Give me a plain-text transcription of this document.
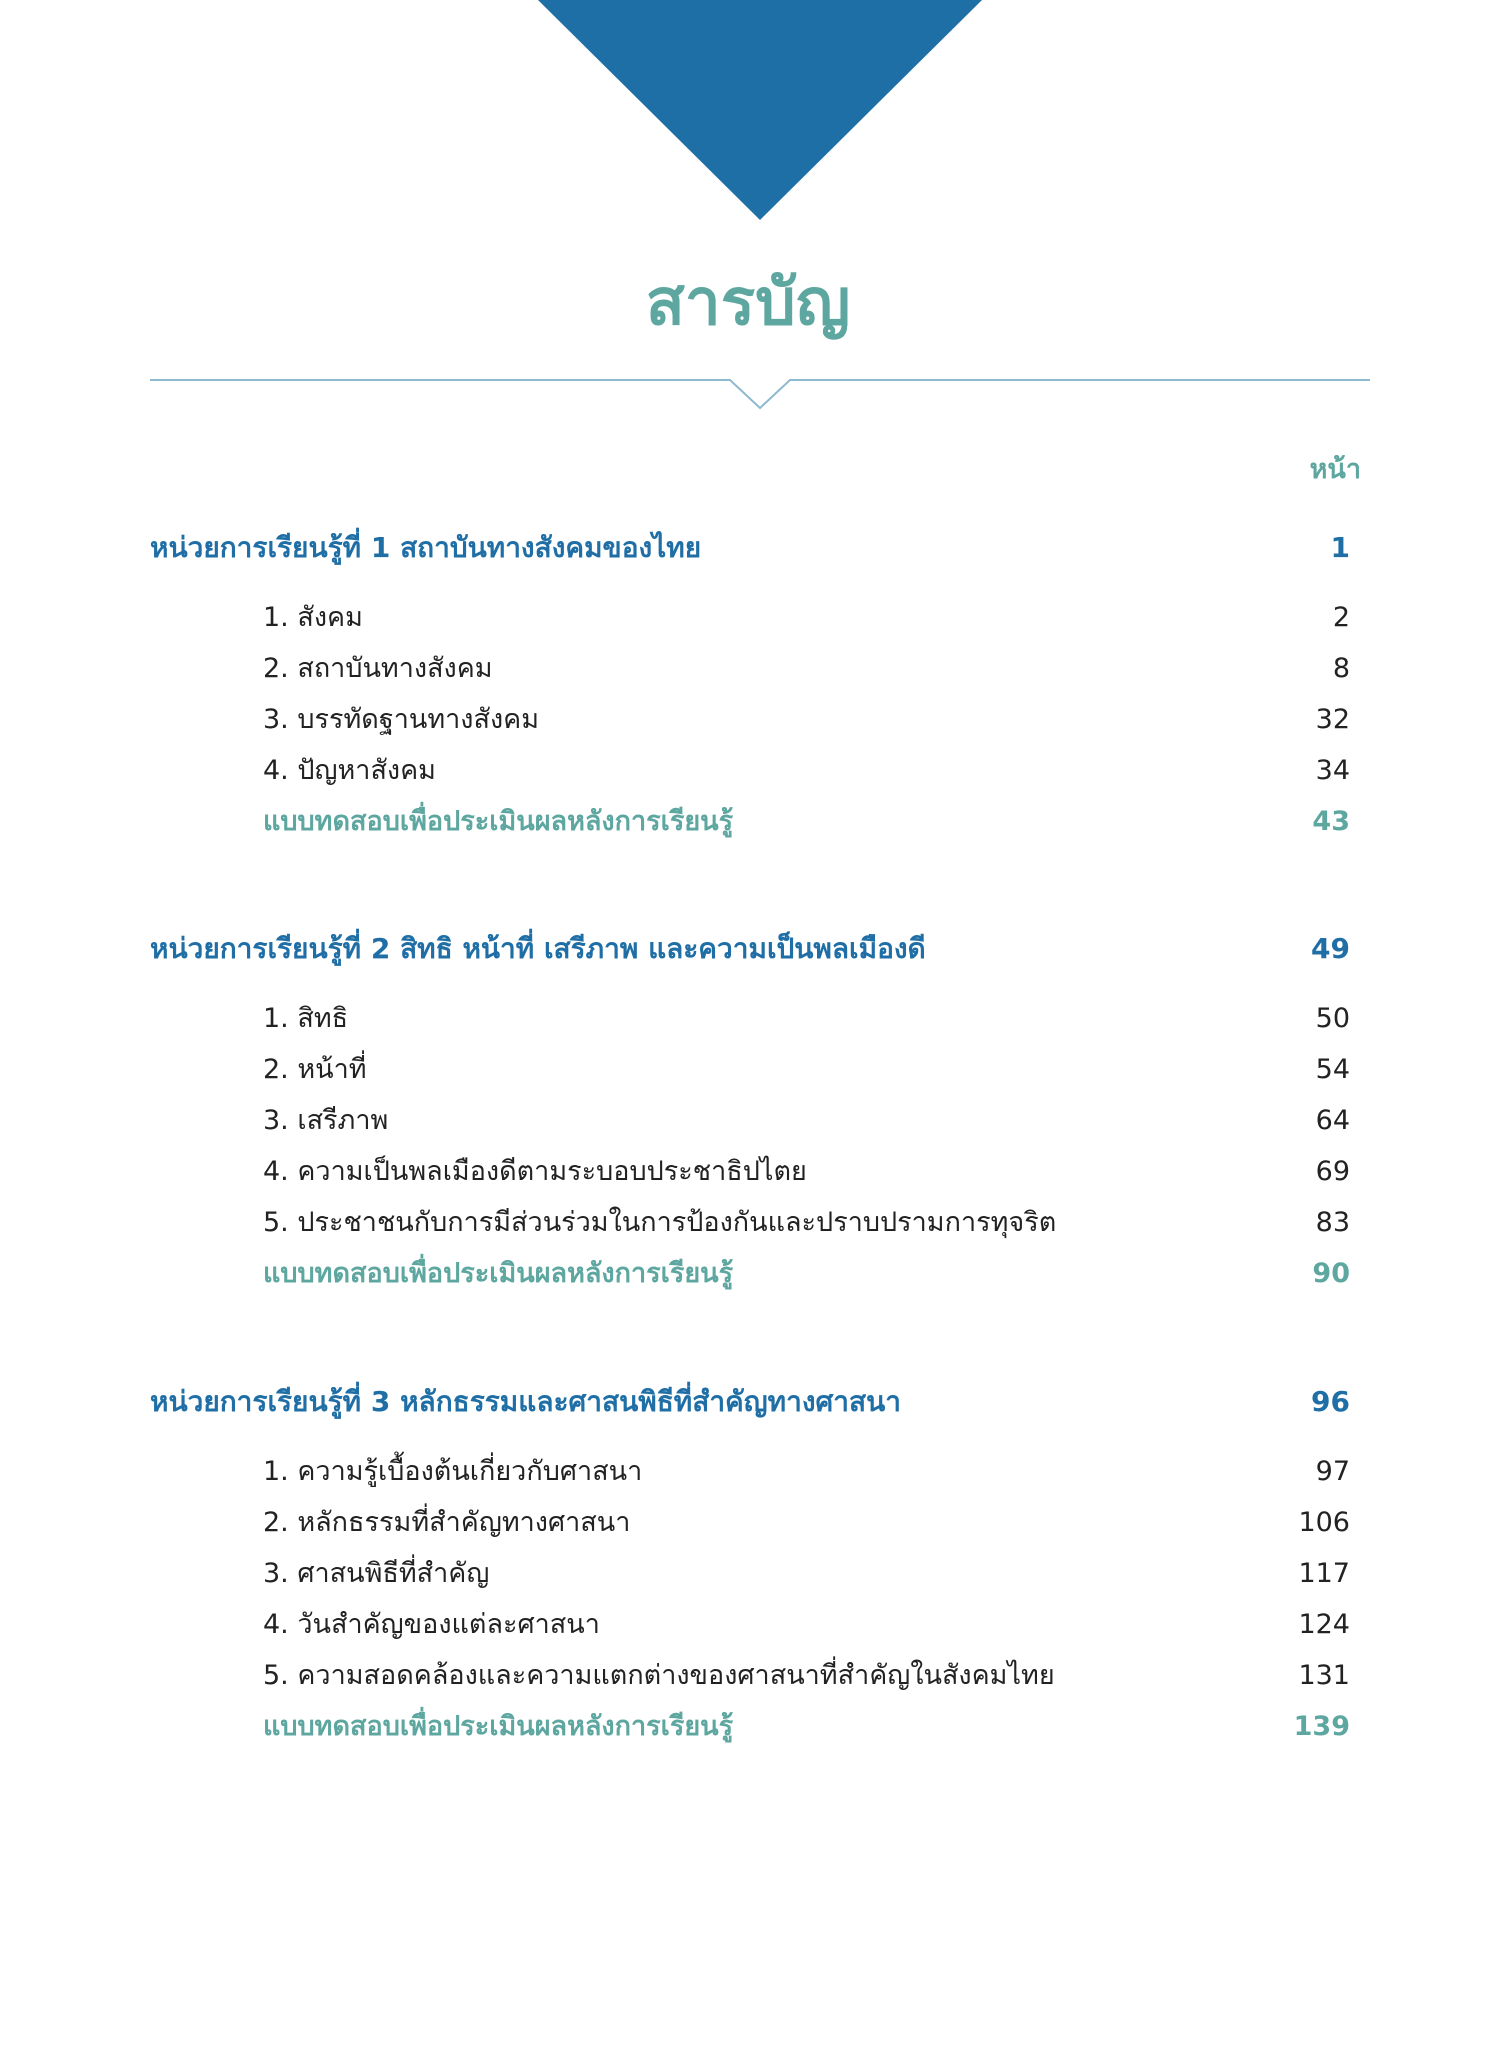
สารบัญ
หน้า
หน่วยการเรียนรู้ที่ 1 สถาบันทางสังคมของไทย	1
1. สังคม	2
2. สถาบันทางสังคม	8
3. บรรทัดฐานทางสังคม	32
4. ปัญหาสังคม	34
แบบทดสอบเพื่อประเมินผลหลังการเรียนรู้	43
หน่วยการเรียนรู้ที่ 2 สิทธิ หน้าที่ เสรีภาพ และความเป็นพลเมืองดี	49
1. สิทธิ	50
2. หน้าที่	54
3. เสรีภาพ	64
4. ความเป็นพลเมืองดีตามระบอบประชาธิปไตย	69
5. ประชาชนกับการมีส่วนร่วมในการป้องกันและปราบปรามการทุจริต	83
แบบทดสอบเพื่อประเมินผลหลังการเรียนรู้	90
หน่วยการเรียนรู้ที่ 3 หลักธรรมและศาสนพิธีที่สำคัญทางศาสนา	96
1. ความรู้เบื้องต้นเกี่ยวกับศาสนา	97
2. หลักธรรมที่สำคัญทางศาสนา	106
3. ศาสนพิธีที่สำคัญ	117
4. วันสำคัญของแต่ละศาสนา	124
5. ความสอดคล้องและความแตกต่างของศาสนาที่สำคัญในสังคมไทย	131
แบบทดสอบเพื่อประเมินผลหลังการเรียนรู้	139
